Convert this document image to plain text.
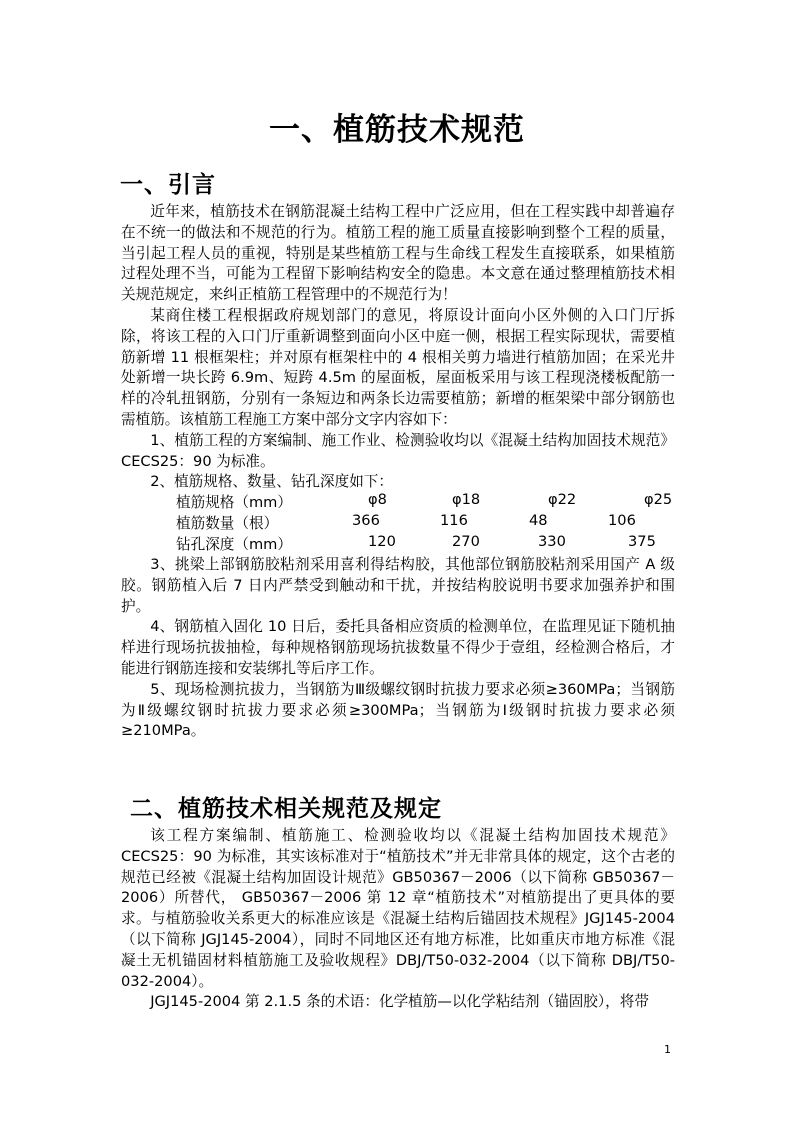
一、植筋技术规范
一、引言

近年来，植筋技术在钢筋混凝土结构工程中广泛应用，但在工程实践中却普遍存在不统一的做法和不规范的行为。植筋工程的施工质量直接影响到整个工程的质量，当引起工程人员的重视，特别是某些植筋工程与生命线工程发生直接联系，如果植筋过程处理不当，可能为工程留下影响结构安全的隐患。本文意在通过整理植筋技术相关规范规定，来纠正植筋工程管理中的不规范行为！

某商住楼工程根据政府规划部门的意见，将原设计面向小区外侧的入口门厅拆除，将该工程的入口门厅重新调整到面向小区中庭一侧，根据工程实际现状，需要植筋新增 11 根框架柱；并对原有框架柱中的 4 根相关剪力墙进行植筋加固；在采光井处新增一块长跨 6.9m、短跨 4.5m 的屋面板，屋面板采用与该工程现浇楼板配筋一样的冷轧扭钢筋，分别有一条短边和两条长边需要植筋；新增的框架梁中部分钢筋也需植筋。该植筋工程施工方案中部分文字内容如下：

1、植筋工程的方案编制、施工作业、检测验收均以《混凝土结构加固技术规范》CECS25：90 为标准。

2、植筋规格、数量、钻孔深度如下：

植筋规格（mm）	φ8	φ18	φ22	φ25
植筋数量（根）	366	116	48	106
钻孔深度（mm）	120	270	330	375

3、挑梁上部钢筋胶粘剂采用喜利得结构胶，其他部位钢筋胶粘剂采用国产 A 级胶。钢筋植入后 7 日内严禁受到触动和干扰，并按结构胶说明书要求加强养护和围护。

4、钢筋植入固化 10 日后，委托具备相应资质的检测单位，在监理见证下随机抽样进行现场抗拔抽检，每种规格钢筋现场抗拔数量不得少于壹组，经检测合格后，才能进行钢筋连接和安装绑扎等后序工作。

5、现场检测抗拔力，当钢筋为Ⅲ级螺纹钢时抗拔力要求必须≥360MPa；当钢筋为Ⅱ级螺纹钢时抗拔力要求必须≥300MPa；当钢筋为Ⅰ级钢时抗拔力要求必须≥210MPa。

二、植筋技术相关规范及规定

该工程方案编制、植筋施工、检测验收均以《混凝土结构加固技术规范》CECS25：90 为标准，其实该标准对于“植筋技术”并无非常具体的规定，这个古老的规范已经被《混凝土结构加固设计规范》GB50367－2006（以下简称 GB50367－2006）所替代， GB50367－2006 第 12 章“植筋技术”对植筋提出了更具体的要求。与植筋验收关系更大的标准应该是《混凝土结构后锚固技术规程》JGJ145-2004（以下简称 JGJ145-2004），同时不同地区还有地方标准，比如重庆市地方标准《混凝土无机锚固材料植筋施工及验收规程》DBJ/T50-032-2004（以下简称 DBJ/T50-032-2004）。

JGJ145-2004 第 2.1.5 条的术语：化学植筋—以化学粘结剂（锚固胶），将带

1
